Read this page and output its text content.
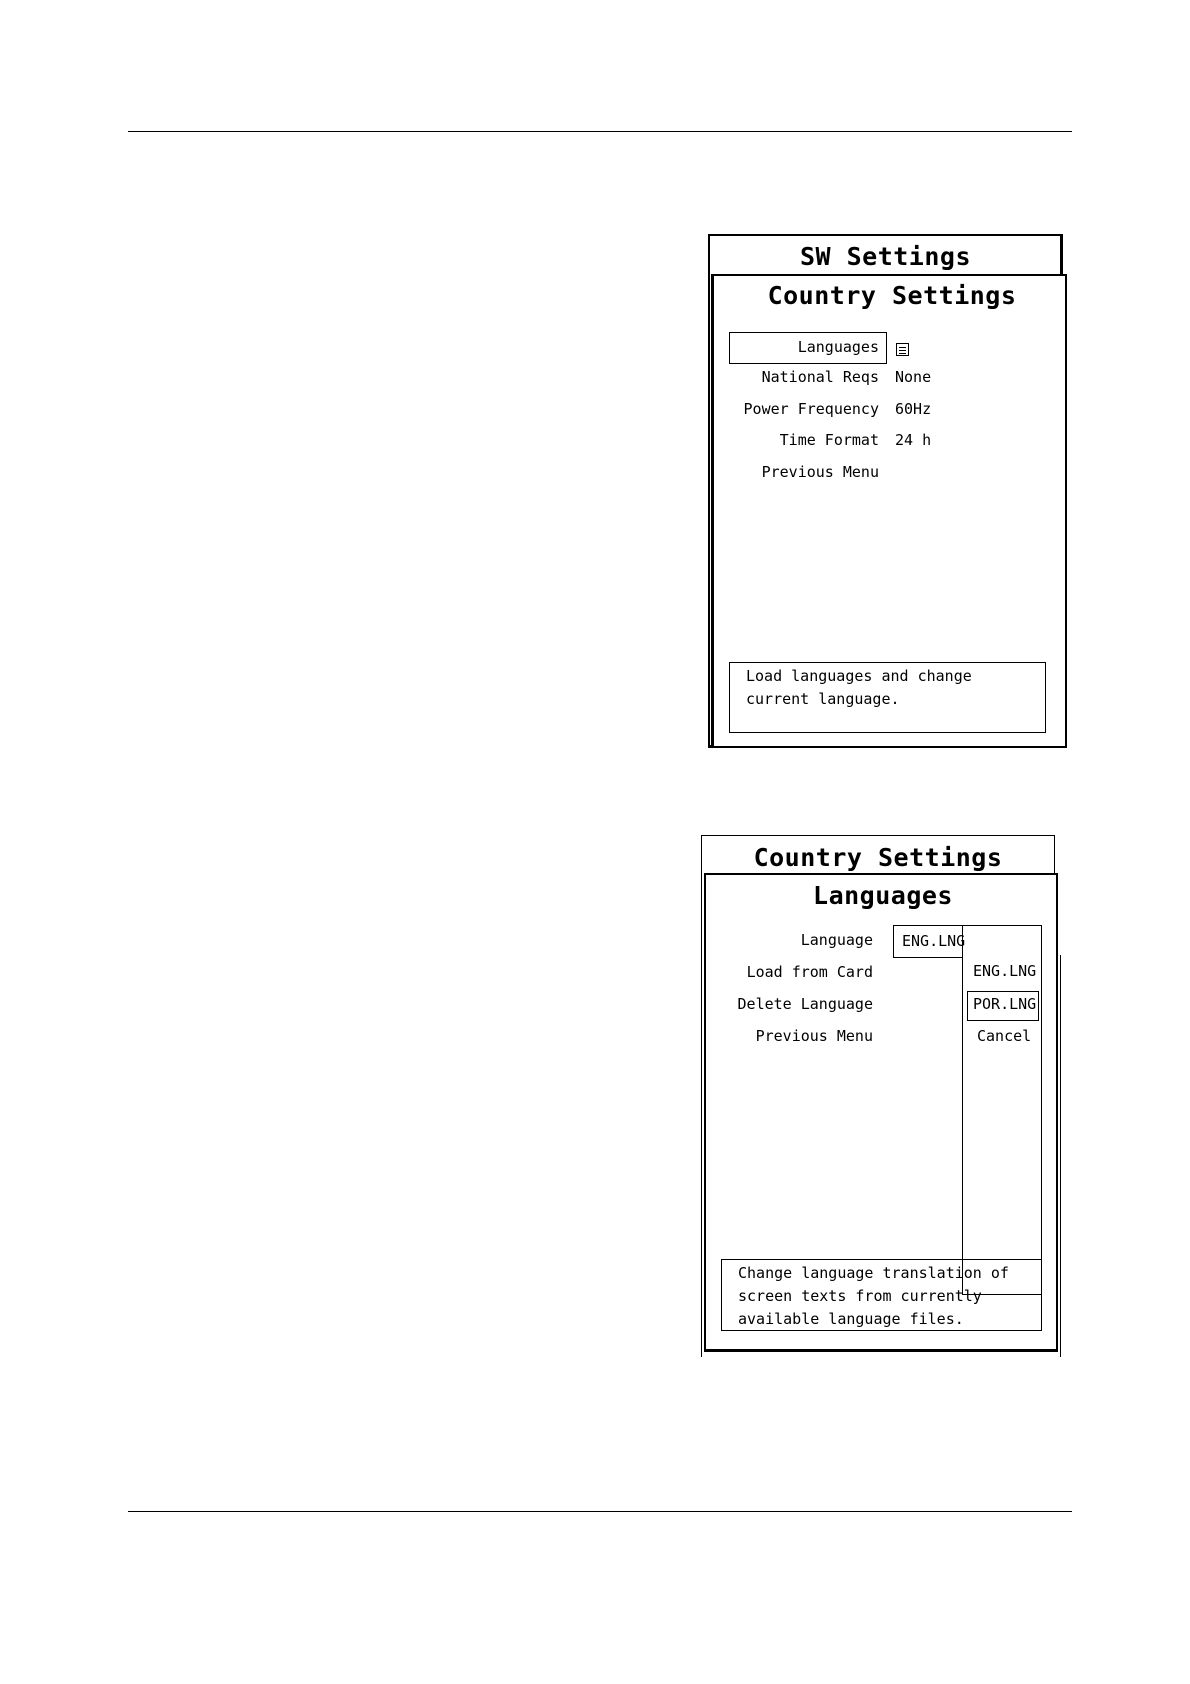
SW Settings
Country Settings
Languages
National Reqs None
Power Frequency 60Hz
Time Format 24 h
Previous Menu
Load languages and change
current language.
Country Settings
Languages
Language
Load from Card
Delete Language
Previous Menu
ENG.LNG
ENG.LNG
POR.LNG
Cancel
Change language translation of
screen texts from currently
available language files.
